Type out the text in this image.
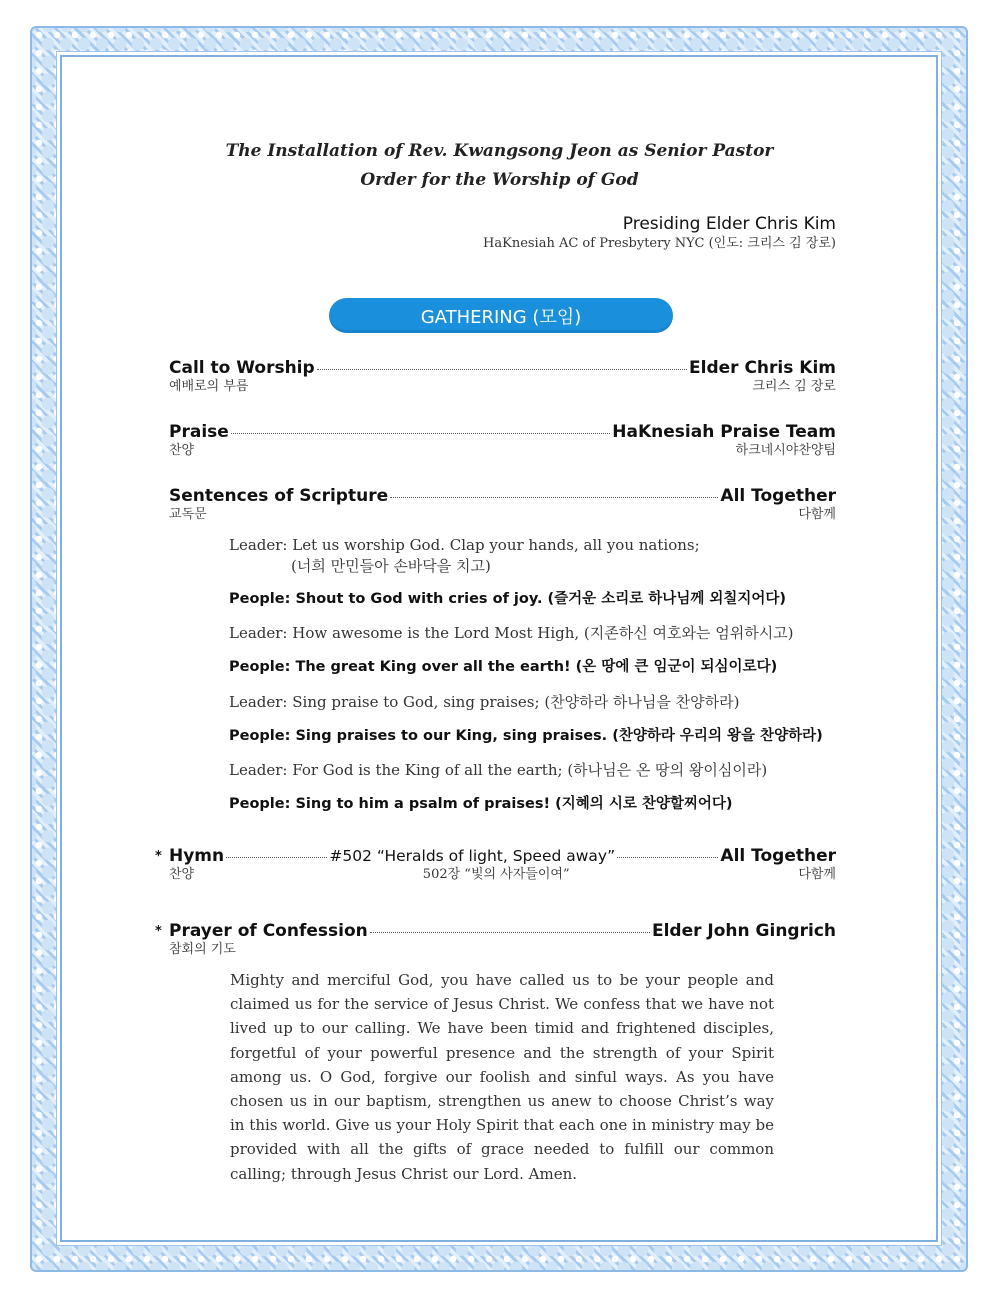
The Installation of Rev. Kwangsong Jeon as Senior Pastor
Order for the Worship of God
Presiding Elder Chris Kim
HaKnesiah AC of Presbytery NYC (인도: 크리스 김 장로)
GATHERING (모임)
Call to Worship	Elder Chris Kim
예배로의 부름	크리스 김 장로
Praise	HaKnesiah Praise Team
찬양	하크네시야찬양팀
Sentences of Scripture	All Together
교독문	다함께
Leader: Let us worship God. Clap your hands, all you nations;
(너희 만민들아 손바닥을 치고)
People: Shout to God with cries of joy. (즐거운 소리로 하나님께 외칠지어다)
Leader: How awesome is the Lord Most High, (지존하신 여호와는 엄위하시고)
People: The great King over all the earth! (온 땅에 큰 임군이 되심이로다)
Leader: Sing praise to God, sing praises; (찬양하라 하나님을 찬양하라)
People: Sing praises to our King, sing praises. (찬양하라 우리의 왕을 찬양하라)
Leader: For God is the King of all the earth; (하나님은 온 땅의 왕이심이라)
People: Sing to him a psalm of praises! (지혜의 시로 찬양할찌어다)
* Hymn	#502 “Heralds of light, Speed away”	All Together
찬양	502장 “빛의 사자들이여”	다함께
* Prayer of Confession	Elder John Gingrich
참회의 기도
Mighty and merciful God, you have called us to be your people and claimed us for the service of Jesus Christ. We confess that we have not lived up to our calling. We have been timid and frightened disciples, forgetful of your powerful presence and the strength of your Spirit among us. O God, forgive our foolish and sinful ways. As you have chosen us in our baptism, strengthen us anew to choose Christ’s way in this world. Give us your Holy Spirit that each one in ministry may be provided with all the gifts of grace needed to fulfill our common calling; through Jesus Christ our Lord. Amen.
